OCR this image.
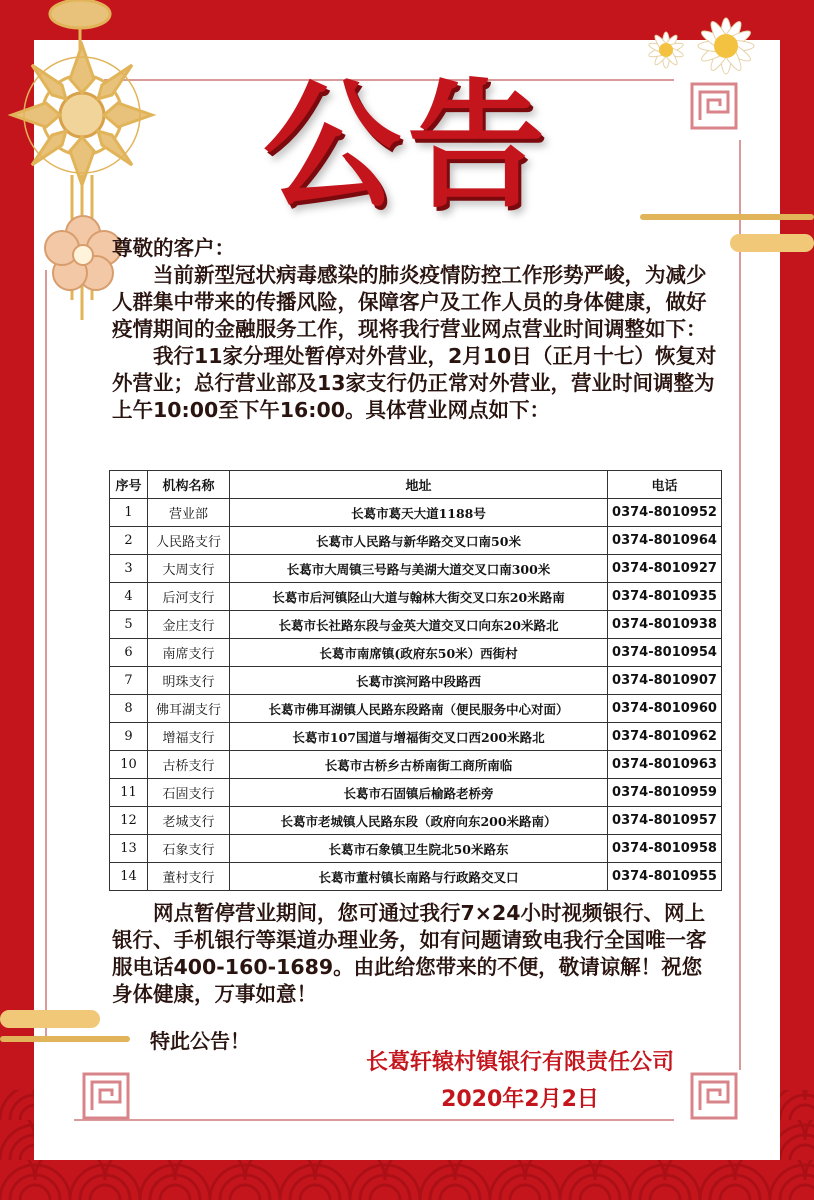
公告

尊敬的客户：

当前新型冠状病毒感染的肺炎疫情防控工作形势严峻，为减少人群集中带来的传播风险，保障客户及工作人员的身体健康，做好疫情期间的金融服务工作，现将我行营业网点营业时间调整如下：

我行11家分理处暂停对外营业，2月10日（正月十七）恢复对外营业；总行营业部及13家支行仍正常对外营业，营业时间调整为上午10:00至下午16:00。具体营业网点如下：

序号	机构名称	地址	电话
1	营业部	长葛市葛天大道1188号	0374-8010952
2	人民路支行	长葛市人民路与新华路交叉口南50米	0374-8010964
3	大周支行	长葛市大周镇三号路与美湖大道交叉口南300米	0374-8010927
4	后河支行	长葛市后河镇陉山大道与翰林大街交叉口东20米路南	0374-8010935
5	金庄支行	长葛市长社路东段与金英大道交叉口向东20米路北	0374-8010938
6	南席支行	长葛市南席镇(政府东50米）西街村	0374-8010954
7	明珠支行	长葛市滨河路中段路西	0374-8010907
8	佛耳湖支行	长葛市佛耳湖镇人民路东段路南（便民服务中心对面）	0374-8010960
9	增福支行	长葛市107国道与增福街交叉口西200米路北	0374-8010962
10	古桥支行	长葛市古桥乡古桥南街工商所南临	0374-8010963
11	石固支行	长葛市石固镇后榆路老桥旁	0374-8010959
12	老城支行	长葛市老城镇人民路东段（政府向东200米路南）	0374-8010957
13	石象支行	长葛市石象镇卫生院北50米路东	0374-8010958
14	董村支行	长葛市董村镇长南路与行政路交叉口	0374-8010955

网点暂停营业期间，您可通过我行7×24小时视频银行、网上银行、手机银行等渠道办理业务，如有问题请致电我行全国唯一客服电话400-160-1689。由此给您带来的不便，敬请谅解！祝您身体健康，万事如意！

特此公告！
长葛轩辕村镇银行有限责任公司
2020年2月2日
